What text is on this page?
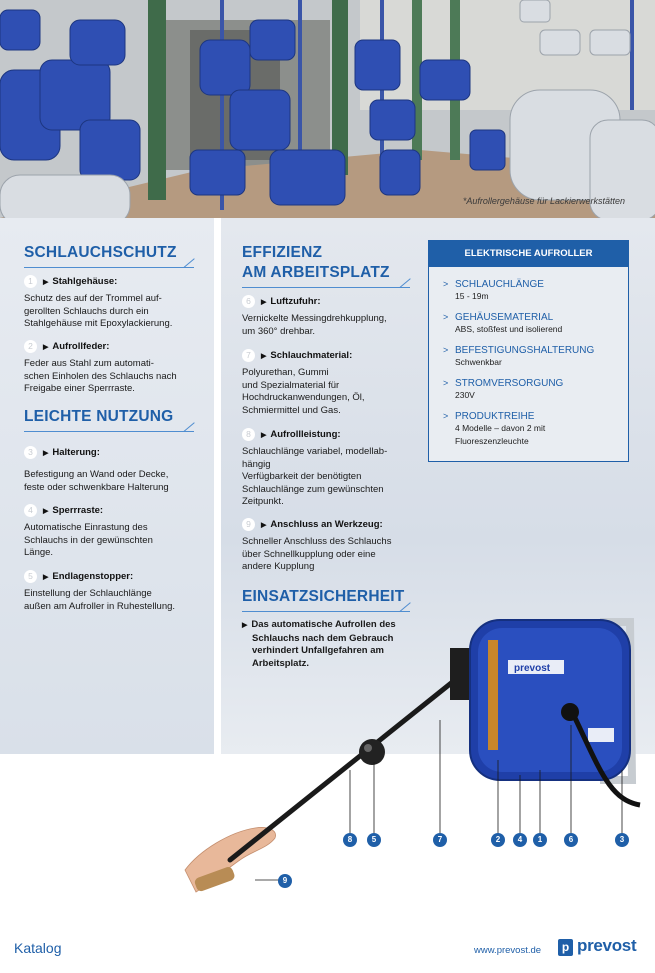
*Aufrollergehäuse für Lackierwerkstätten
SCHLAUCHSCHUTZ
1	▶ Stahlgehäuse:
Schutz des auf der Trommel auf-
gerollten Schlauchs durch ein
Stahlgehäuse mit Epoxylackierung.
2	▶ Aufrollfeder:
Feder aus Stahl zum automati-
schen Einholen des Schlauchs nach
Freigabe einer Sperrraste.
LEICHTE NUTZUNG
3	▶ Halterung:
Befestigung an Wand oder Decke,
feste oder schwenkbare Halterung
4	▶ Sperrraste:
Automatische Einrastung des
Schlauchs in der gewünschten
Länge.
5	▶ Endlagenstopper:
Einstellung der Schlauchlänge
außen am Aufroller in Ruhestellung.
EFFIZIENZ
AM ARBEITSPLATZ
6	▶ Luftzufuhr:
Vernickelte Messingdrehkupplung,
um 360° drehbar.
7	▶ Schlauchmaterial:
Polyurethan, Gummi
und Spezialmaterial für
Hochdruckanwendungen, Öl,
Schmiermittel und Gas.
8	▶ Aufrollleistung:
Schlauchlänge variabel, modellab-
hängig
Verfügbarkeit der benötigten
Schlauchlänge zum gewünschten
Zeitpunkt.
9	▶ Anschluss an Werkzeug:
Schneller Anschluss des Schlauchs
über Schnellkupplung oder eine
andere Kupplung
EINSATZSICHERHEIT
▶ Das automatische Aufrollen des
Schlauchs nach dem Gebrauch
verhindert Unfallgefahren am
Arbeitsplatz.
ELEKTRISCHE AUFROLLER
> SCHLAUCHLÄNGE
15 - 19m
> GEHÄUSEMATERIAL
ABS, stoßfest und isolierend
> BEFESTIGUNGSHALTERUNG
Schwenkbar
> STROMVERSORGUNG
230V
> PRODUKTREIHE
4 Modelle – davon 2 mit
Fluoreszenzleuchte
prevost
8	5	7	2	4	1	6	3
9
Katalog	www.prevost.de	p prevost
